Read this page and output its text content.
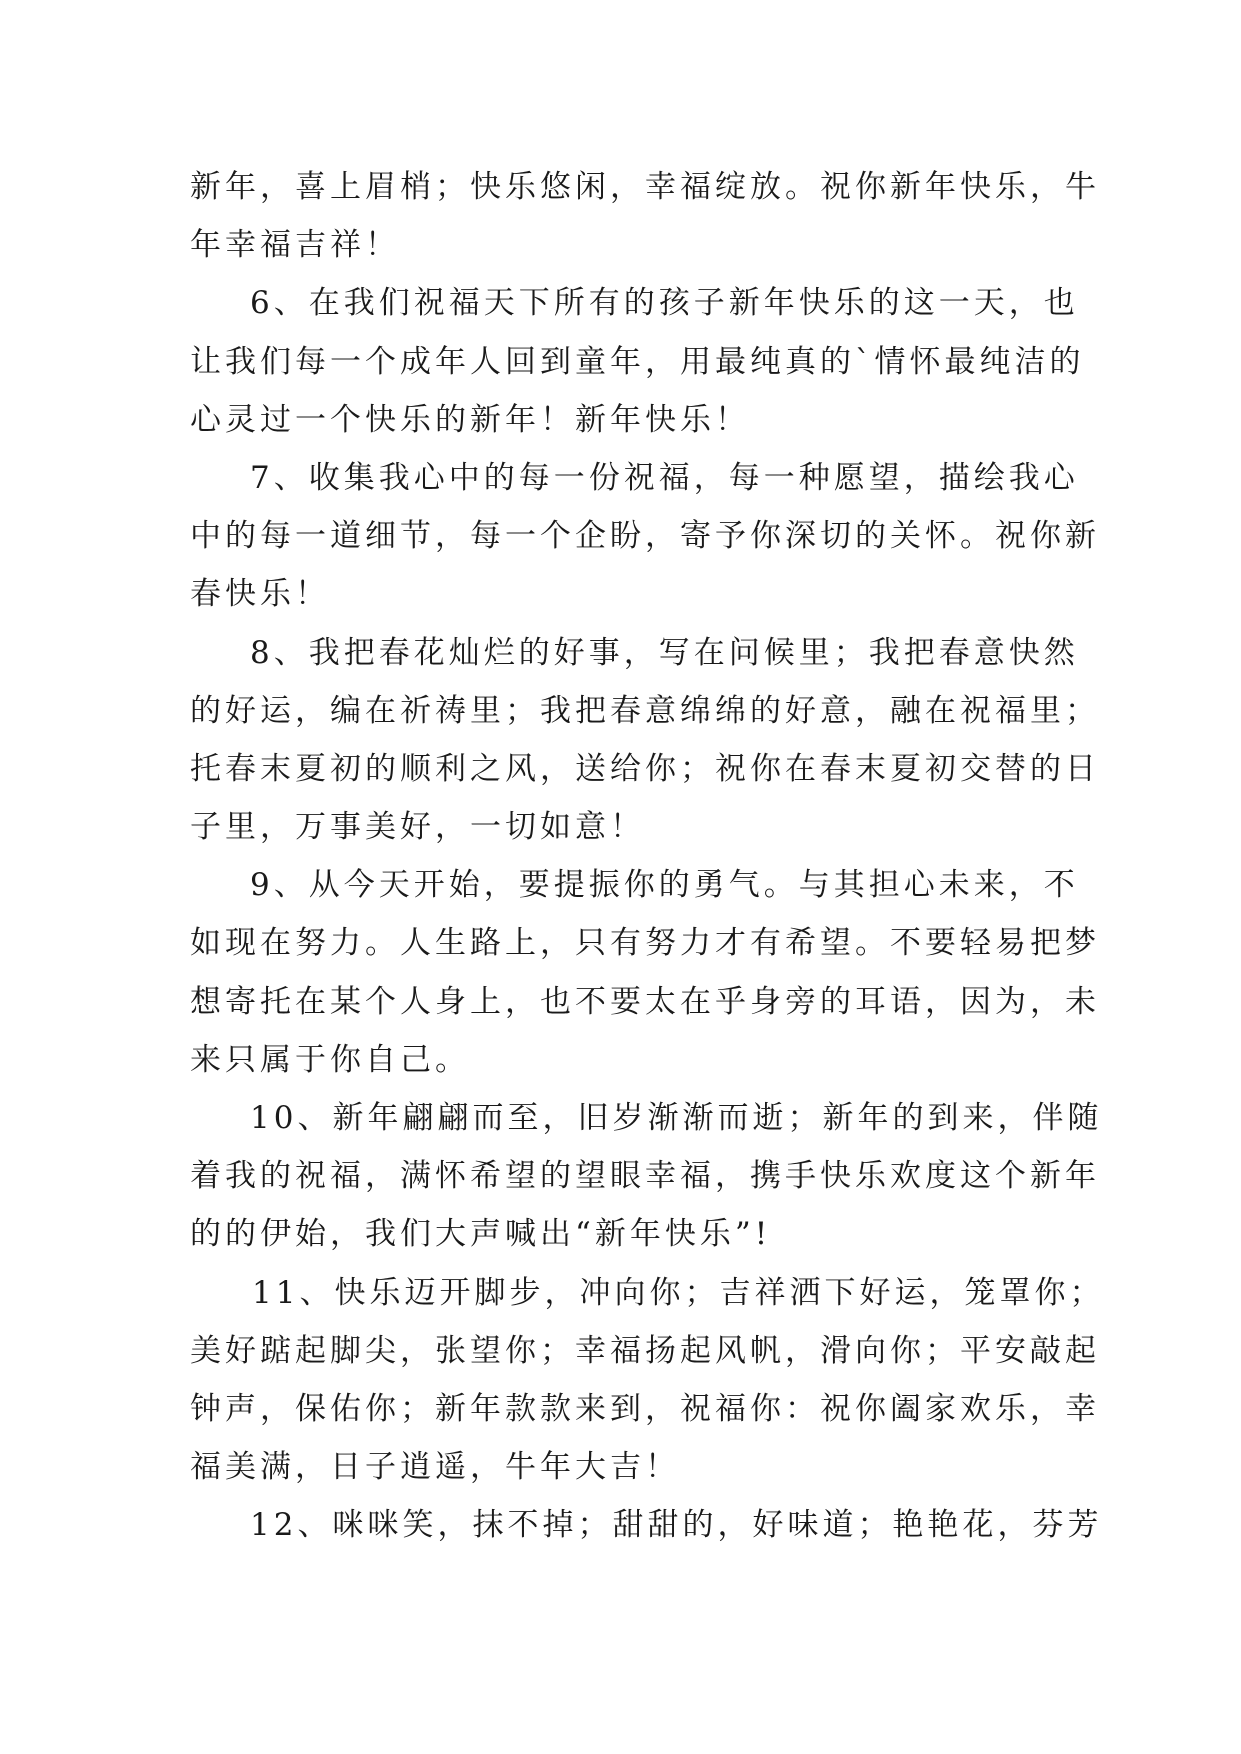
新年，喜上眉梢；快乐悠闲，幸福绽放。祝你新年快乐，牛
年幸福吉祥！
6、在我们祝福天下所有的孩子新年快乐的这一天，也
让我们每一个成年人回到童年，用最纯真的`情怀最纯洁的
心灵过一个快乐的新年！新年快乐！
7、收集我心中的每一份祝福，每一种愿望，描绘我心
中的每一道细节，每一个企盼，寄予你深切的关怀。祝你新
春快乐！
8、我把春花灿烂的好事，写在问候里；我把春意快然
的好运，编在祈祷里；我把春意绵绵的好意，融在祝福里；
托春末夏初的顺利之风，送给你；祝你在春末夏初交替的日
子里，万事美好，一切如意！
9、从今天开始，要提振你的勇气。与其担心未来，不
如现在努力。人生路上，只有努力才有希望。不要轻易把梦
想寄托在某个人身上，也不要太在乎身旁的耳语，因为，未
来只属于你自己。
10、新年翩翩而至，旧岁渐渐而逝；新年的到来，伴随
着我的祝福，满怀希望的望眼幸福，携手快乐欢度这个新年
的的伊始，我们大声喊出“新年快乐”!
11、快乐迈开脚步，冲向你；吉祥洒下好运，笼罩你；
美好踮起脚尖，张望你；幸福扬起风帆，滑向你；平安敲起
钟声，保佑你；新年款款来到，祝福你：祝你阖家欢乐，幸
福美满，日子逍遥，牛年大吉！
12、咪咪笑，抹不掉；甜甜的，好味道；艳艳花，芬芳
